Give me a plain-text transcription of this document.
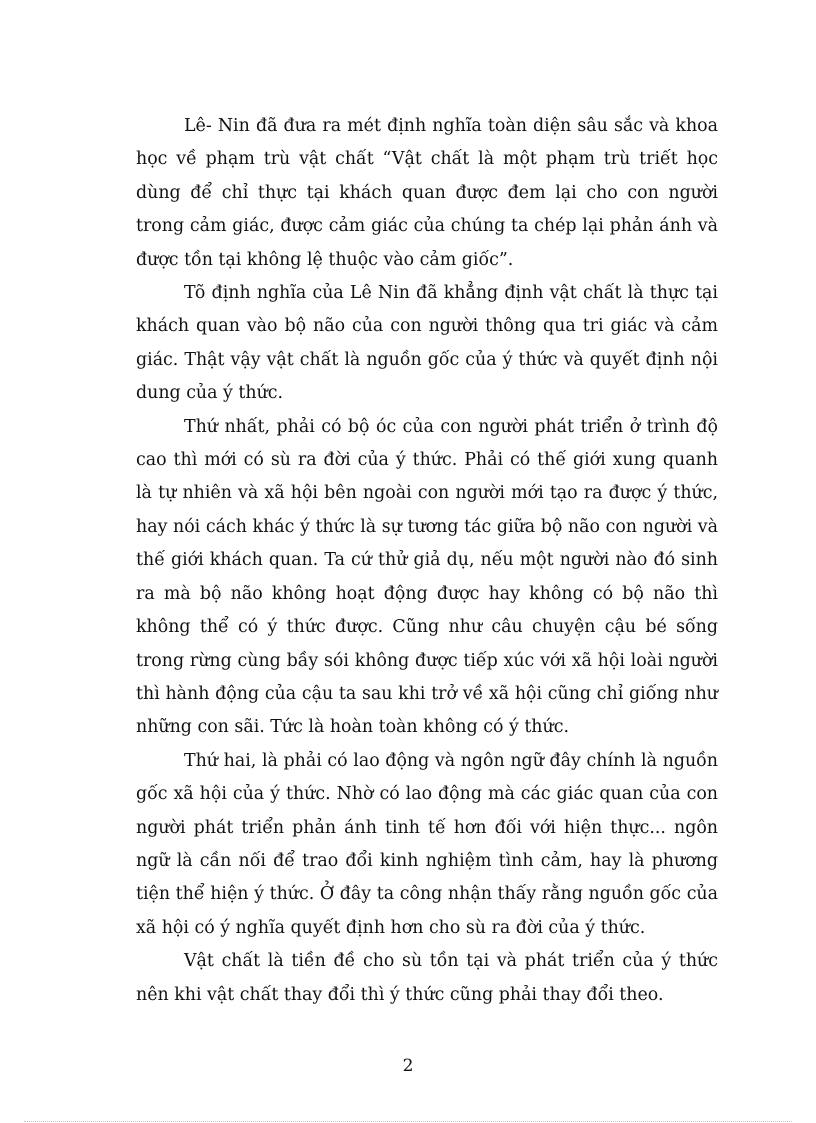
Lê- Nin đã đưa ra mét định nghĩa toàn diện sâu sắc và khoa học về phạm trù vật chất “Vật chất là một phạm trù triết học dùng để chỉ thực tại khách quan được đem lại cho con người trong cảm giác, được cảm giác của chúng ta chép lại phản ánh và được tồn tại không lệ thuộc vào cảm giốc”.

Tõ định nghĩa của Lê Nin đã khẳng định vật chất là thực tại khách quan vào bộ não của con người thông qua tri giác và cảm giác. Thật vậy vật chất là nguồn gốc của ý thức và quyết định nội dung của ý thức.

Thứ nhất, phải có bộ óc của con người phát triển ở trình độ cao thì mới có sù ra đời của ý thức. Phải có thế giới xung quanh là tự nhiên và xã hội bên ngoài con người mới tạo ra được ý thức, hay nói cách khác ý thức là sự tương tác giữa bộ não con người và thế giới khách quan. Ta cứ thử giả dụ, nếu một người nào đó sinh ra mà bộ não không hoạt động được hay không có bộ não thì không thể có ý thức được. Cũng như câu chuyện cậu bé sống trong rừng cùng bầy sói không được tiếp xúc với xã hội loài người thì hành động của cậu ta sau khi trở về xã hội cũng chỉ giống như những con sãi. Tức là hoàn toàn không có ý thức.

Thứ hai, là phải có lao động và ngôn ngữ đây chính là nguồn gốc xã hội của ý thức. Nhờ có lao động mà các giác quan của con người phát triển phản ánh tinh tế hơn đối với hiện thực... ngôn ngữ là cần nối để trao đổi kinh nghiệm tình cảm, hay là phương tiện thể hiện ý thức. Ở đây ta công nhận thấy rằng nguồn gốc của xã hội có ý nghĩa quyết định hơn cho sù ra đời của ý thức.

Vật chất là tiền đề cho sù tồn tại và phát triển của ý thức nên khi vật chất thay đổi thì ý thức cũng phải thay đổi theo.

2
